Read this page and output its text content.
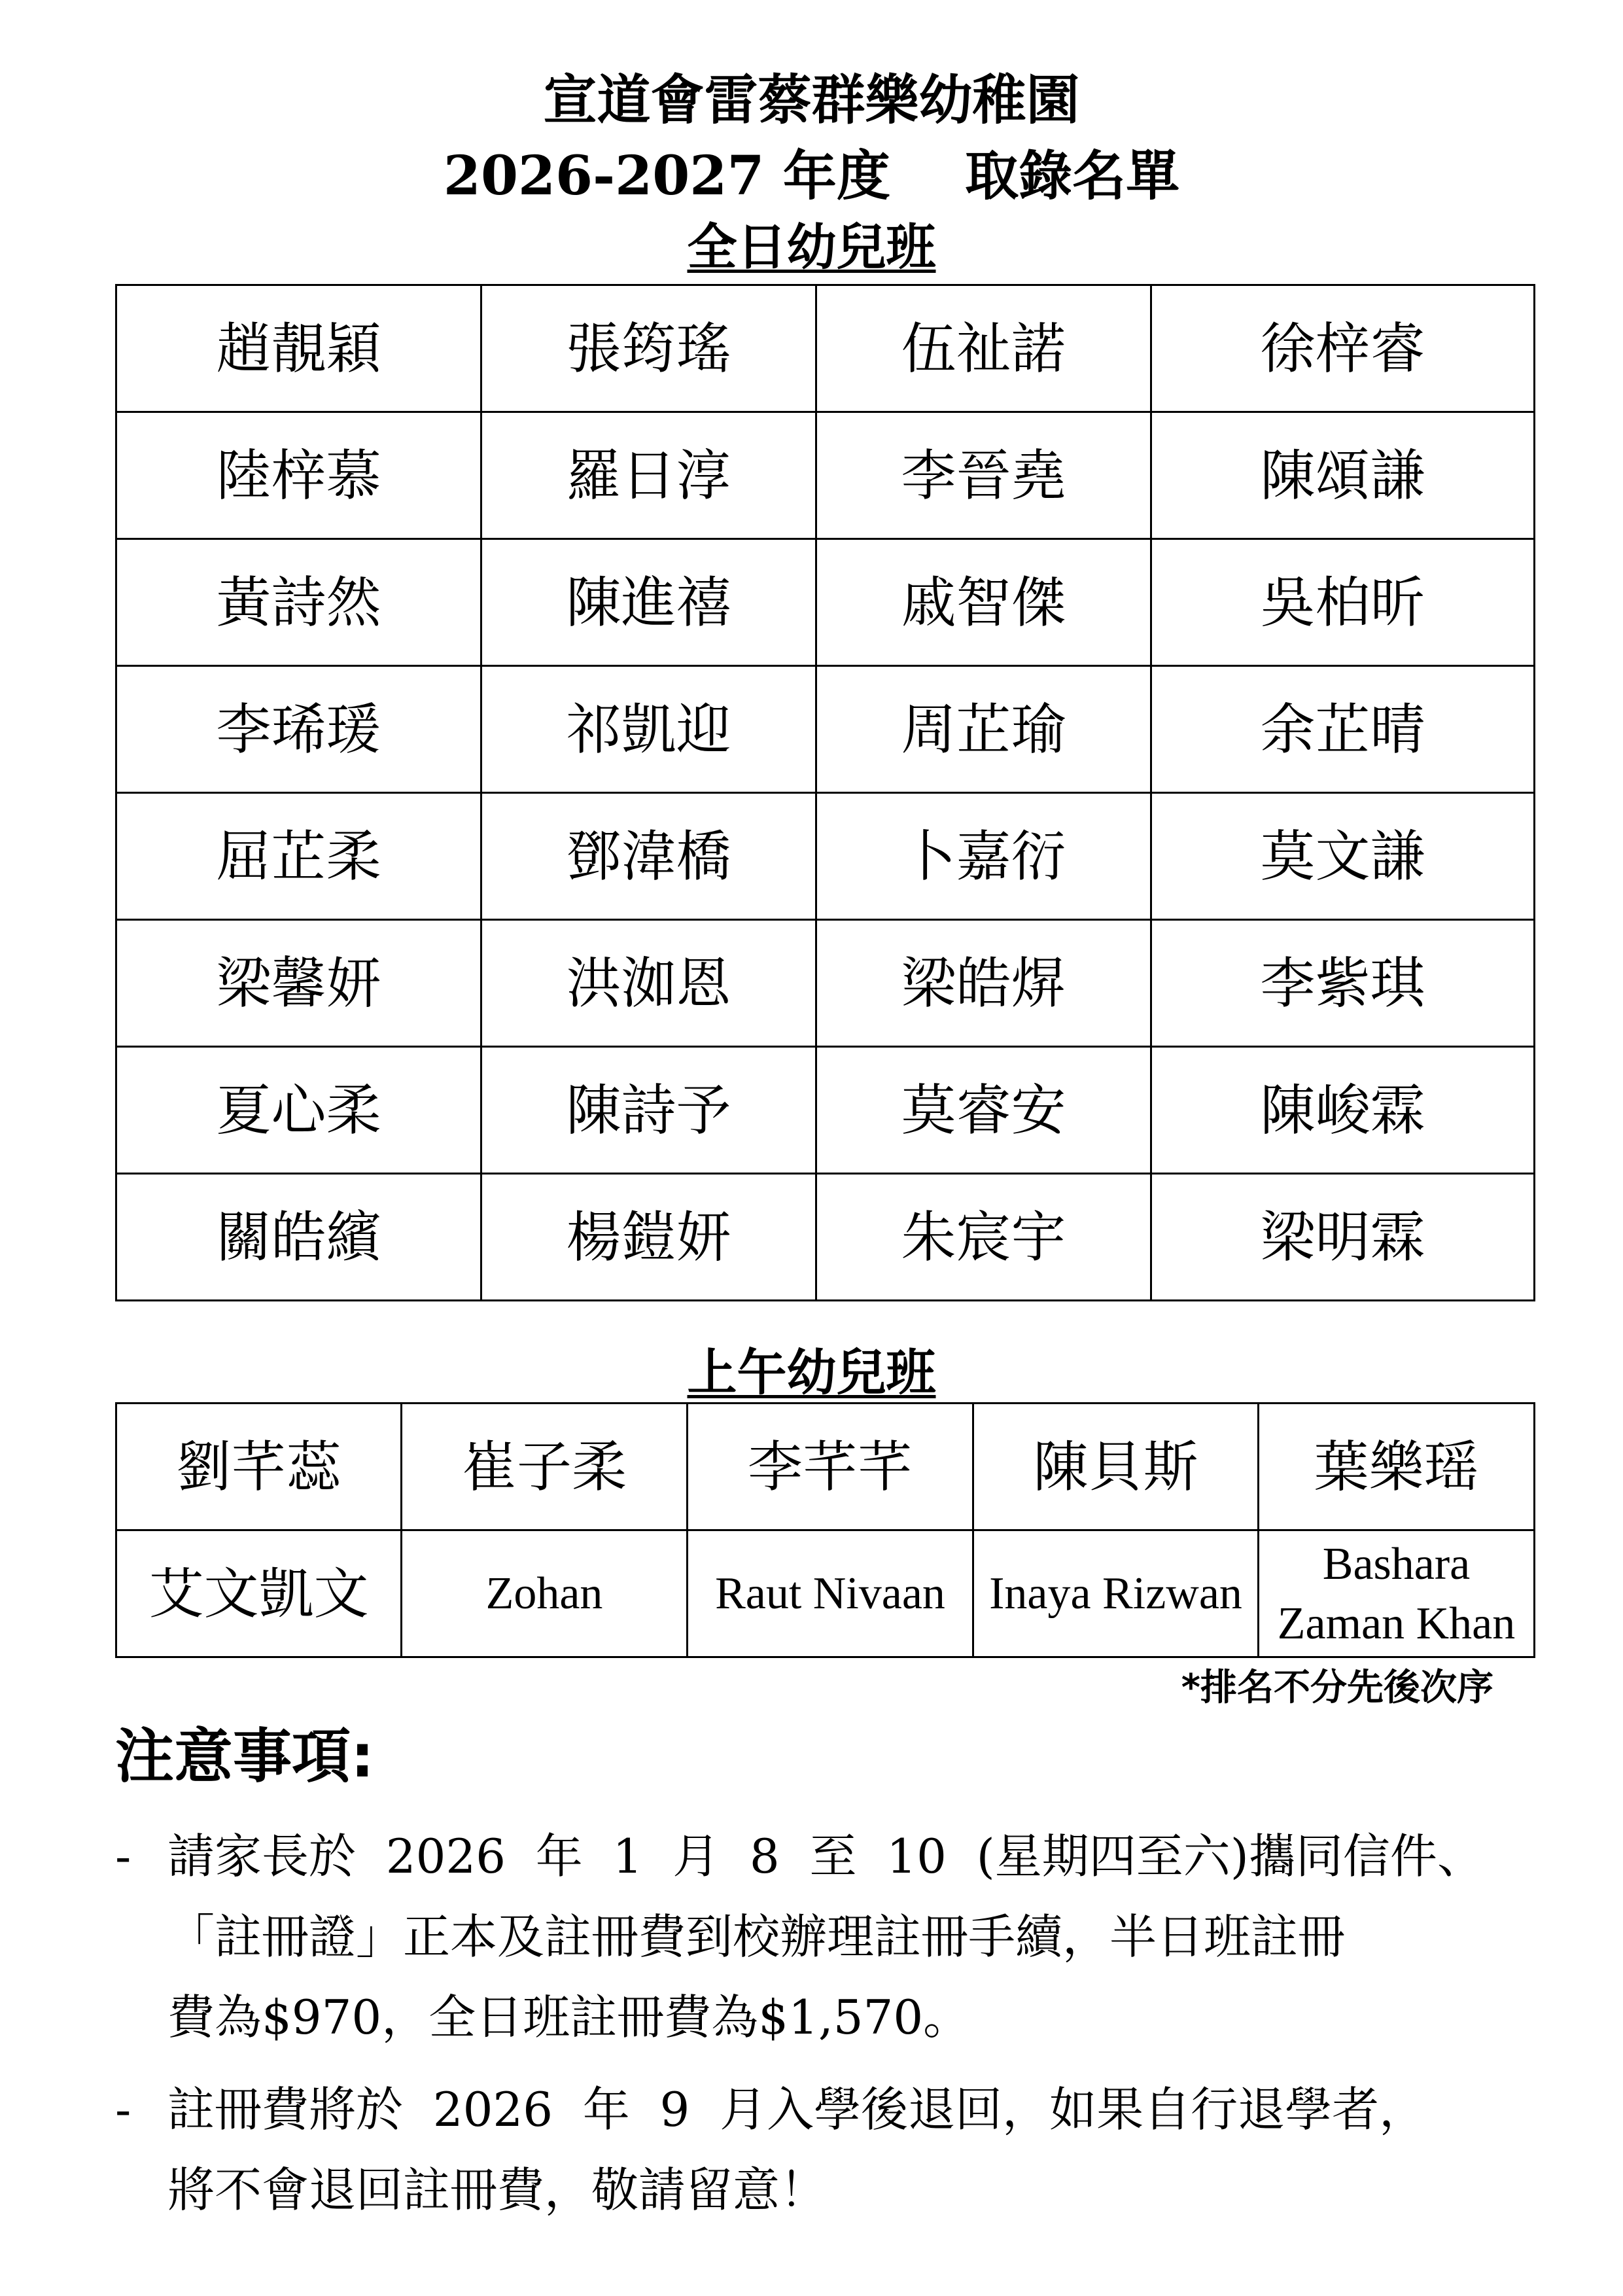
宣道會雷蔡群樂幼稚園
2026-2027 年度    取錄名單
全日幼兒班
趙靚穎	張筠瑤	伍祉諾	徐梓睿
陸梓慕	羅日淳	李晉堯	陳頌謙
黃詩然	陳進禧	戚智傑	吳柏昕
李琋瑗	祁凱迎	周芷瑜	余芷晴
屈芷柔	鄧湋橋	卜嘉衍	莫文謙
梁馨妍	洪洳恩	梁皓焺	李紫琪
夏心柔	陳詩予	莫睿安	陳峻霖
關皓繽	楊鎧妍	朱宸宇	梁明霖
上午幼兒班
劉芊蕊	崔子柔	李芊芊	陳貝斯	葉樂瑶
艾文凱文	Zohan	Raut Nivaan	Inaya Rizwan	Bashara Zaman Khan
*排名不分先後次序
注意事項:
- 請家長於  2026  年  1  月  8  至  10  (星期四至六)攜同信件、
「註冊證」正本及註冊費到校辦理註冊手續，半日班註冊
費為$970，全日班註冊費為$1,570。
- 註冊費將於  2026  年  9  月入學後退回，如果自行退學者，
將不會退回註冊費，敬請留意！
